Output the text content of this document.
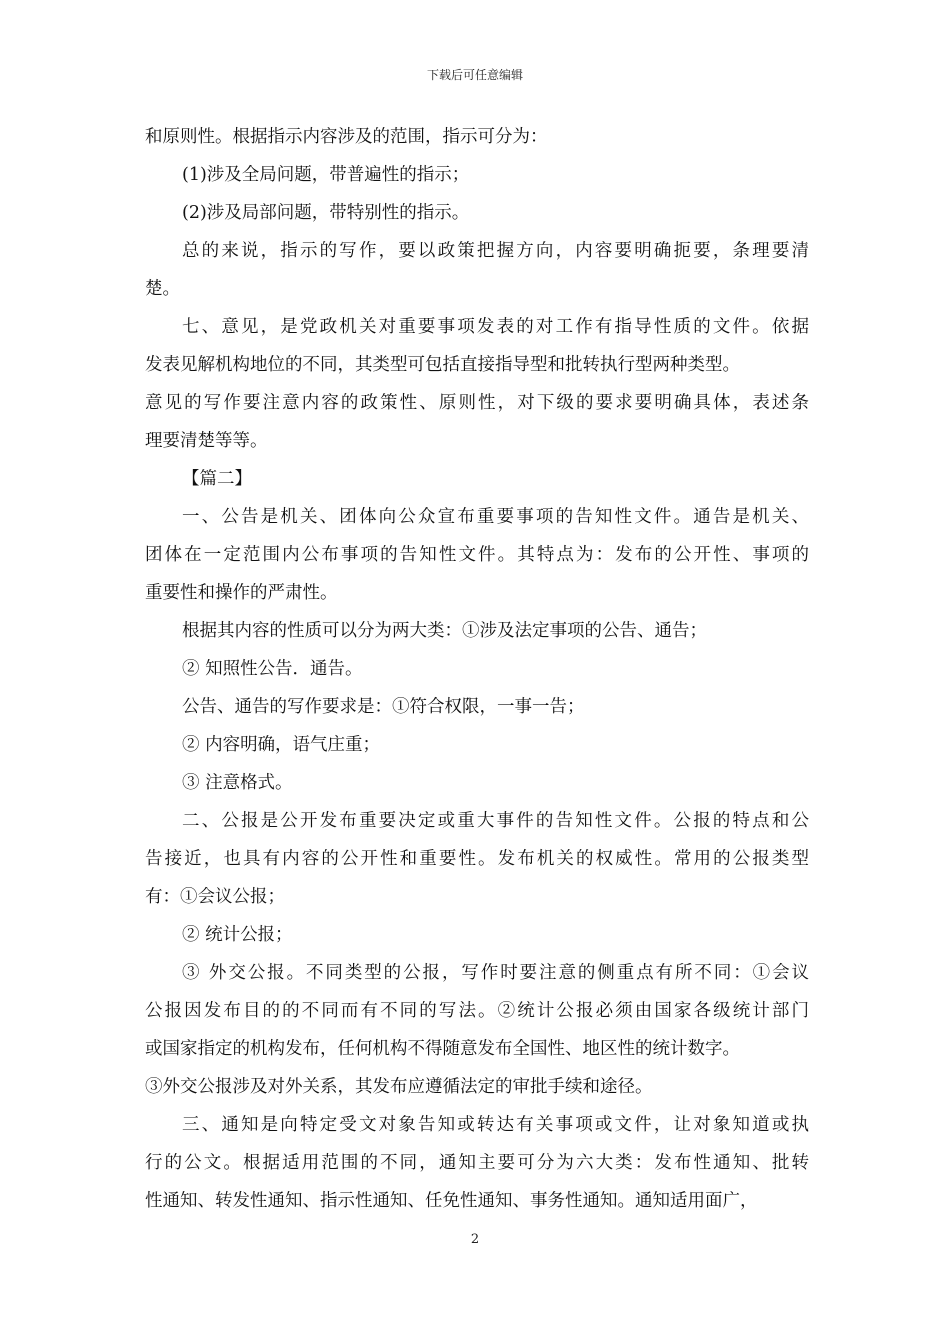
下载后可任意编辑
和原则性。根据指示内容涉及的范围，指示可分为：
(1)涉及全局问题，带普遍性的指示；
(2)涉及局部问题，带特别性的指示。
总的来说，指示的写作，要以政策把握方向，内容要明确扼要，条理要清
楚。
七、意见，是党政机关对重要事项发表的对工作有指导性质的文件。依据
发表见解机构地位的不同，其类型可包括直接指导型和批转执行型两种类型。
意见的写作要注意内容的政策性、原则性，对下级的要求要明确具体，表述条
理要清楚等等。
【篇二】
一、公告是机关、团体向公众宣布重要事项的告知性文件。通告是机关、
团体在一定范围内公布事项的告知性文件。其特点为：发布的公开性、事项的
重要性和操作的严肃性。
根据其内容的性质可以分为两大类：①涉及法定事项的公告、通告；
② 知照性公告．通告。
公告、通告的写作要求是：①符合权限，一事一告；
② 内容明确，语气庄重；
③ 注意格式。
二、公报是公开发布重要决定或重大事件的告知性文件。公报的特点和公
告接近，也具有内容的公开性和重要性。发布机关的权威性。常用的公报类型
有：①会议公报；
② 统计公报；
③ 外交公报。不同类型的公报，写作时要注意的侧重点有所不同：①会议
公报因发布目的的不同而有不同的写法。②统计公报必须由国家各级统计部门
或国家指定的机构发布，任何机构不得随意发布全国性、地区性的统计数字。
③外交公报涉及对外关系，其发布应遵循法定的审批手续和途径。
三、通知是向特定受文对象告知或转达有关事项或文件，让对象知道或执
行的公文。根据适用范围的不同，通知主要可分为六大类：发布性通知、批转
性通知、转发性通知、指示性通知、任免性通知、事务性通知。通知适用面广，
2
